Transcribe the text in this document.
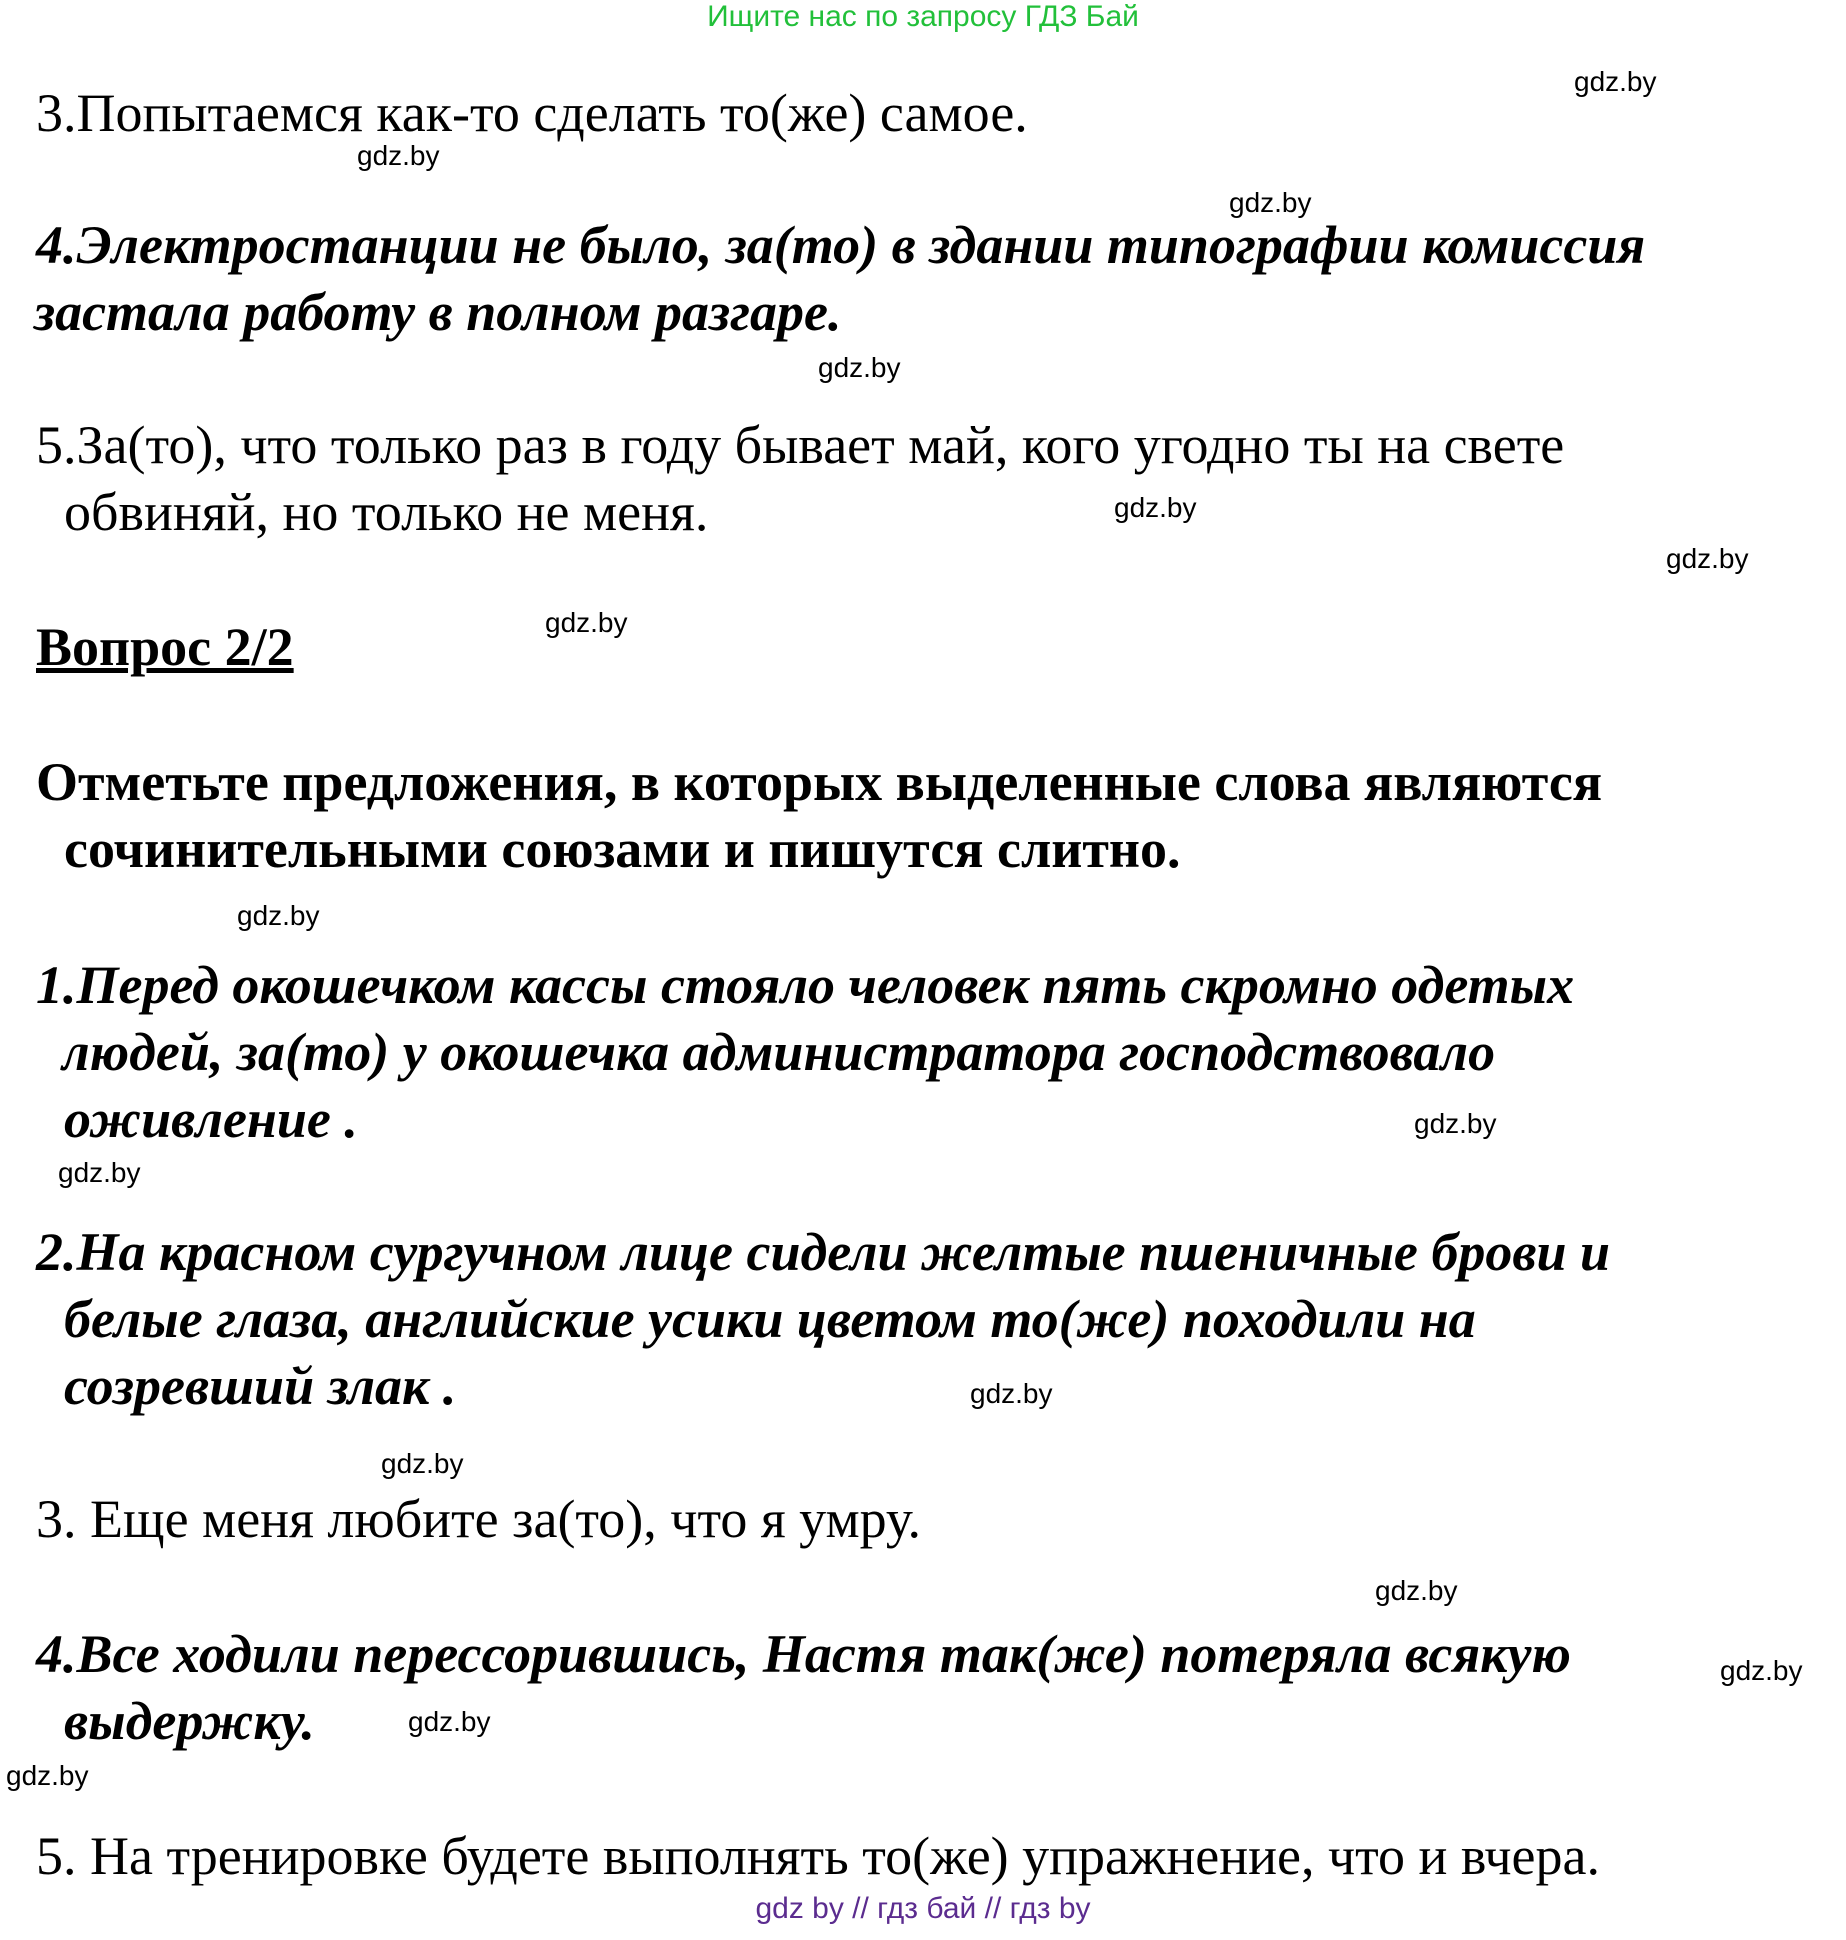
Ищите нас по запросу ГДЗ Бай
3.Попытаемся как-то сделать то(же) самое.
4.Электростанции не было, за(то) в здании типографии комиссия
застала работу в полном разгаре.
5.За(то), что только раз в году бывает май, кого угодно ты на свете
обвиняй, но только не меня.
Вопрос 2/2
Отметьте предложения, в которых выделенные слова являются
сочинительными союзами и пишутся слитно.
1.Перед окошечком кассы стояло человек пять скромно одетых
людей, за(то) у окошечка администратора господствовало
оживление .
2.На красном сургучном лице сидели желтые пшеничные брови и
белые глаза, английские усики цветом то(же) походили на
созревший злак .
3. Еще меня любите за(то), что я умру.
4.Все ходили перессорившись, Настя так(же) потеряла всякую
выдержку.
5. На тренировке будете выполнять то(же) упражнение, что и вчера.
gdz.by
gdz.by
gdz.by
gdz.by
gdz.by
gdz.by
gdz.by
gdz.by
gdz.by
gdz.by
gdz.by
gdz.by
gdz.by
gdz.by
gdz.by
gdz.by
gdz by // гдз бай // гдз by
